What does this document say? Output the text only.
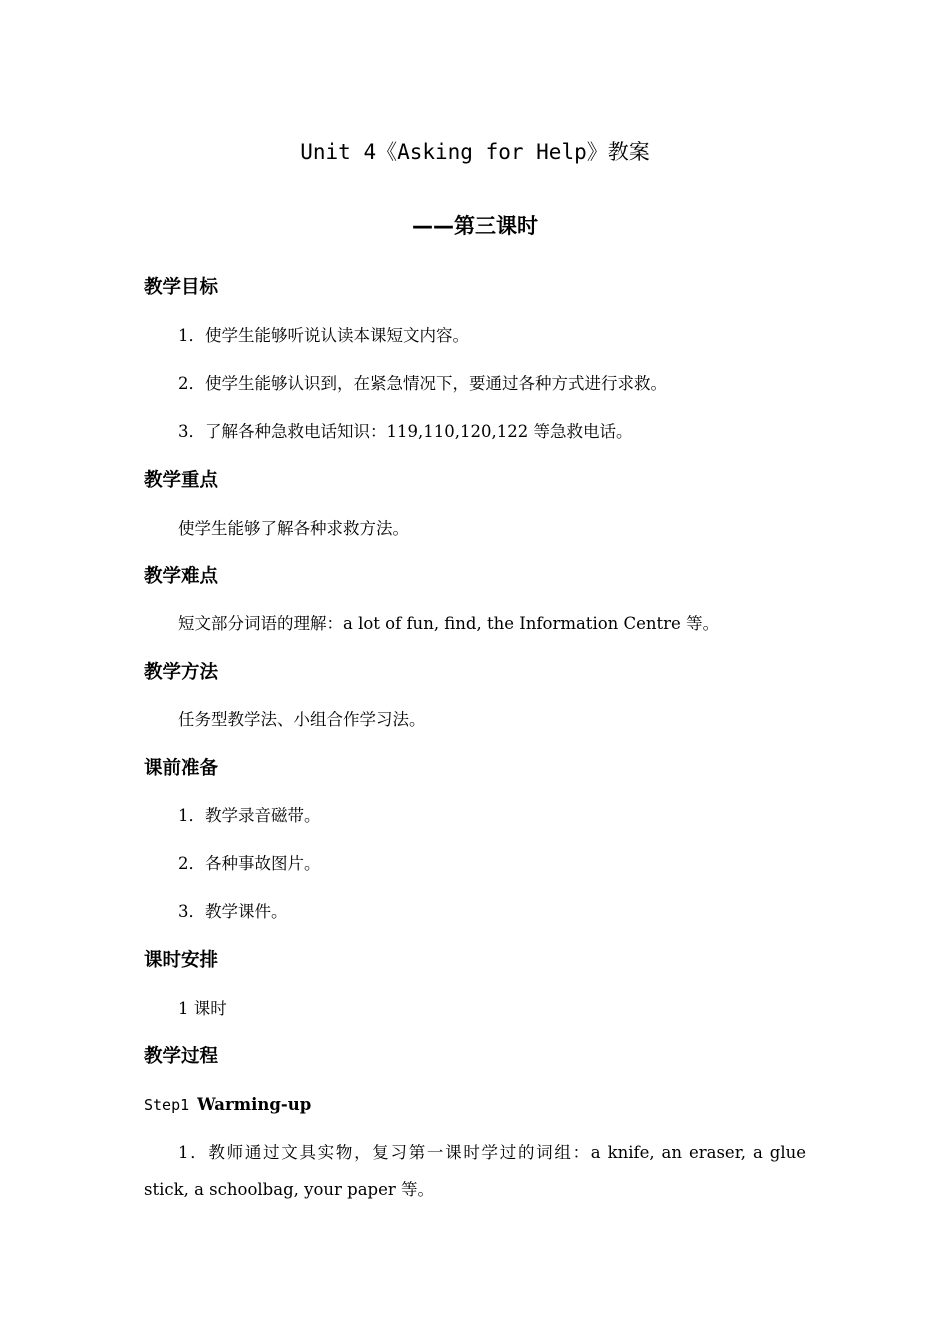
Unit 4《Asking for Help》教案
——第三课时
教学目标
1．使学生能够听说认读本课短文内容。
2．使学生能够认识到，在紧急情况下，要通过各种方式进行求救。
3．了解各种急救电话知识：119,110,120,122 等急救电话。
教学重点
使学生能够了解各种求救方法。
教学难点
短文部分词语的理解：a lot of fun, find, the Information Centre 等。
教学方法
任务型教学法、小组合作学习法。
课前准备
1．教学录音磁带。
2．各种事故图片。
3．教学课件。
课时安排
1 课时
教学过程
Step1 Warming-up
1．教师通过文具实物，复习第一课时学过的词组：a knife, an eraser, a glue stick, a schoolbag, your paper 等。
